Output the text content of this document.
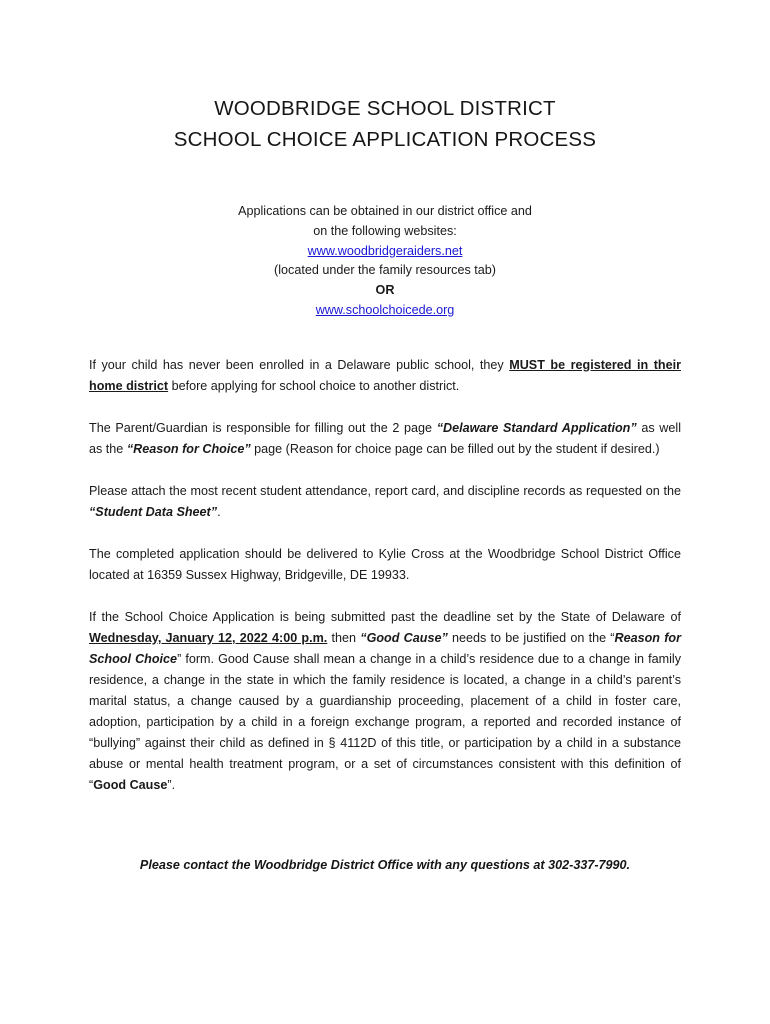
WOODBRIDGE SCHOOL DISTRICT
SCHOOL CHOICE APPLICATION PROCESS
Applications can be obtained in our district office and
on the following websites:
www.woodbridgeraiders.net
(located under the family resources tab)
OR
www.schoolchoicede.org

If your child has never been enrolled in a Delaware public school, they MUST be registered in their home district before applying for school choice to another district.

The Parent/Guardian is responsible for filling out the 2 page “Delaware Standard Application” as well as the “Reason for Choice” page (Reason for choice page can be filled out by the student if desired.)

Please attach the most recent student attendance, report card, and discipline records as requested on the “Student Data Sheet”.

The completed application should be delivered to Kylie Cross at the Woodbridge School District Office located at 16359 Sussex Highway, Bridgeville, DE 19933.

If the School Choice Application is being submitted past the deadline set by the State of Delaware of Wednesday, January 12, 2022 4:00 p.m. then “Good Cause” needs to be justified on the “Reason for School Choice” form. Good Cause shall mean a change in a child’s residence due to a change in family residence, a change in the state in which the family residence is located, a change in a child’s parent’s marital status, a change caused by a guardianship proceeding, placement of a child in foster care, adoption, participation by a child in a foreign exchange program, a reported and recorded instance of “bullying” against their child as defined in § 4112D of this title, or participation by a child in a substance abuse or mental health treatment program, or a set of circumstances consistent with this definition of “Good Cause”.

Please contact the Woodbridge District Office with any questions at 302-337-7990.
